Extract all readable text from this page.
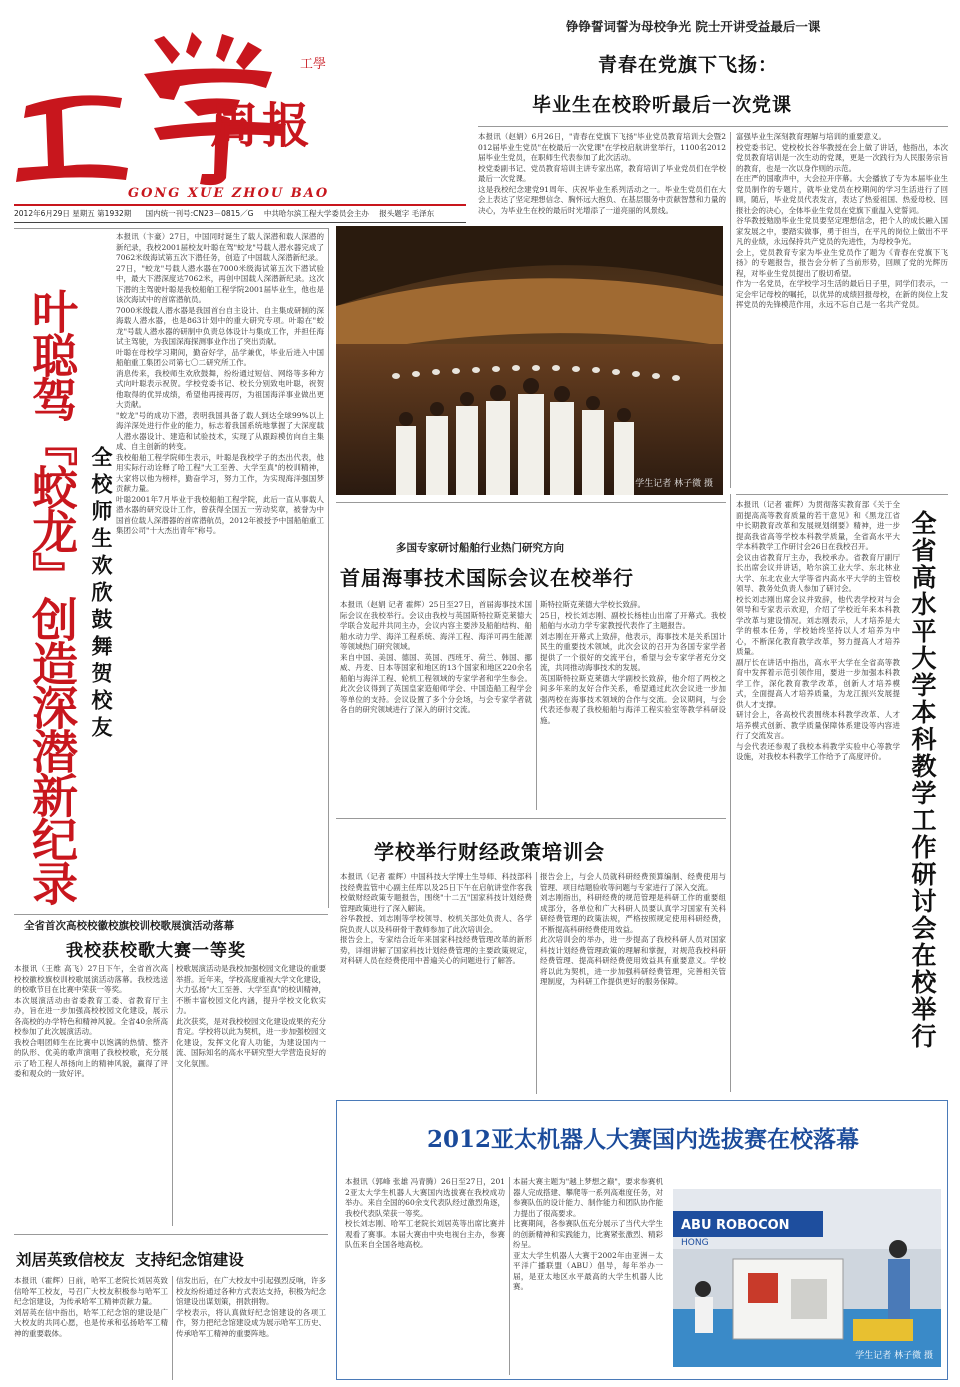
工學
周报
GONG XUE ZHOU BAO
2012年6月29日 星期五 第1932期 国内统一刊号:CN23－0815／G 中共哈尔滨工程大学委员会主办 报头题字 毛泽东
铮铮誓词誓为母校争光 院士开讲受益最后一课
青春在党旗下飞扬：
毕业生在校聆听最后一次党课
本报讯（赵娟）6月26日，"青春在党旗下飞扬"毕业党员教育培训大会暨2012届毕业生党员"在校最后一次党课"在学校启航讲堂举行，1100名2012届毕业生党员，在职师生代表参加了此次活动。
校党委副书记、党员教育培训主讲专家出席，教育培训了毕业党员们在学校最后一次党课。
这是我校纪念建党91周年、庆祝毕业生系列活动之一。毕业生党员们在大会上表达了坚定理想信念、胸怀远大抱负、在基层服务中贡献智慧和力量的决心，为毕业生在校的最后时光增添了一道亮丽的风景线。
富强毕业生深刻教育理解与培训的重要意义。
校党委书记、党校校长谷华教授在会上做了讲话，他指出，本次党员教育培训是一次生动的党课，更是一次践行为人民服务宗旨的教育，也是一次以身作则的示范。
在庄严的国歌声中，大会拉开序幕。大会播放了专为本届毕业生党员制作的专题片，就毕业党员在校期间的学习生活进行了回顾，随后，毕业党员代表发言，表达了热爱祖国、热爱母校、回报社会的决心，全体毕业生党员在党旗下重温入党誓词。
谷华教授勉励毕业生党员要坚定理想信念，把个人的成长融入国家发展之中，要踏实做事，勇于担当，在平凡的岗位上做出不平凡的业绩，永远保持共产党员的先进性，为母校争光。
会上，党员教育专家为毕业生党员作了题为《青春在党旗下飞扬》的专题报告，报告会分析了当前形势，回顾了党的光辉历程，对毕业生党员提出了殷切希望。
作为一名党员，在学校学习生活的最后日子里，同学们表示，一定会牢记母校的嘱托，以优异的成绩回报母校，在新的岗位上发挥党员的先锋模范作用，永远不忘自己是一名共产党员。
叶聪驾『蛟龙』创造深潜新纪录 全校师生欢欣鼓舞贺校友
本报讯（卞豪）27日，中国同时诞生了载人深潜和载人深潜的新纪录，我校2001届校友叶聪在驾"蛟龙"号载人潜水器完成了7062米级海试第五次下潜任务，创造了中国载人深潜新纪录。
27日，"蛟龙"号载人潜水器在7000米级海试第五次下潜试验中，最大下潜深度达7062米，再创中国载人深潜新纪录。这次下潜的主驾驶叶聪是我校船舶工程学院2001届毕业生，他也是该次海试中的首席潜航员。
7000米级载人潜水器是我国首台自主设计、自主集成研制的深海载人潜水器，也是863计划中的重大研究专项。叶聪在"蛟龙"号载人潜水器的研制中负责总体设计与集成工作，并担任海试主驾驶，为我国深海探测事业作出了突出贡献。
叶聪在母校学习期间，勤奋好学，品学兼优，毕业后进入中国船舶重工集团公司第七〇二研究所工作。
消息传来，我校师生欢欣鼓舞，纷纷通过短信、网络等多种方式向叶聪表示祝贺。学校党委书记、校长分别致电叶聪，祝贺他取得的优异成绩，希望他再接再厉，为祖国海洋事业做出更大贡献。
"蛟龙"号的成功下潜，表明我国具备了载人到达全球99%以上海洋深处进行作业的能力，标志着我国系统地掌握了大深度载人潜水器设计、建造和试验技术，实现了从跟踪模仿向自主集成、自主创新的转变。
我校船舶工程学院师生表示，叶聪是我校学子的杰出代表，他用实际行动诠释了哈工程"大工至善、大学至真"的校训精神，大家将以他为榜样，勤奋学习，努力工作，为实现海洋强国梦贡献力量。
叶聪2001年7月毕业于我校船舶工程学院，此后一直从事载人潜水器的研究设计工作，曾获得全国五一劳动奖章，被誉为中国首位载人深潜器的首席潜航员，2012年被授予中国船舶重工集团公司"十大杰出青年"称号。
学生记者 林子微 摄
多国专家研讨船舶行业热门研究方向
首届海事技术国际会议在校举行
本报讯（赵娟 记者 霍辉）25日至27日，首届海事技术国际会议在我校举行。会议由我校与英国斯特拉斯克莱德大学联合发起并共同主办，会议内容主要涉及船舶结构、船舶水动力学、海洋工程系统、海洋工程、海洋可再生能源等领域热门研究领域。
来自中国、美国、德国、英国、西班牙、荷兰、韩国、挪威、丹麦、日本等国家和地区的13个国家和地区220余名船舶与海洋工程、轮机工程领域的专家学者和学生参会。此次会议得到了英国皇家造船师学会、中国造船工程学会等单位的支持。会议设置了多个分会场，与会专家学者就各自的研究领域进行了深入的研讨交流。
斯特拉斯克莱德大学校长致辞。
25日，校长刘志刚、副校长杨桂山出席了开幕式。我校船舶与水动力学专家教授代表作了主题报告。
刘志刚在开幕式上致辞，他表示，海事技术是关系国计民生的重要技术领域，此次会议的召开为各国专家学者提供了一个很好的交流平台，希望与会专家学者充分交流，共同推动海事技术的发展。
英国斯特拉斯克莱德大学副校长致辞，他介绍了两校之间多年来的友好合作关系，希望通过此次会议进一步加强两校在海事技术领域的合作与交流。会议期间，与会代表还参观了我校船舶与海洋工程实验室等教学科研设施。
学校举行财经政策培训会
本报讯（记者 霍辉）中国科技大学博士生导师、科技部科技经费监管中心副主任库以及25日下午在启航讲堂作客我校做财经政策专题报告，围绕"十二五"国家科技计划经费管理政策进行了深入解读。
谷华教授、刘志刚等学校领导、校机关部处负责人、各学院负责人以及科研骨干教师参加了此次培训会。
报告会上，专家结合近年来国家科技经费管理改革的新形势，详细讲解了国家科技计划经费管理的主要政策规定，对科研人员在经费使用中普遍关心的问题进行了解答。
报告会上，与会人员就科研经费预算编制、经费使用与管理、项目结题验收等问题与专家进行了深入交流。
刘志刚指出，科研经费的规范管理是科研工作的重要组成部分，各单位和广大科研人员要认真学习国家有关科研经费管理的政策法规，严格按照规定使用科研经费，不断提高科研经费使用效益。
此次培训会的举办，进一步提高了我校科研人员对国家科技计划经费管理政策的理解和掌握，对规范我校科研经费管理、提高科研经费使用效益具有重要意义。学校将以此为契机，进一步加强科研经费管理，完善相关管理制度，为科研工作提供更好的服务保障。
本报讯（记者 霍辉）为贯彻落实教育部《关于全面提高高等教育质量的若干意见》和《黑龙江省中长期教育改革和发展规划纲要》精神，进一步提高我省高等学校本科教学质量，全省高水平大学本科教学工作研讨会26日在我校召开。
会议由省教育厅主办，我校承办。省教育厅副厅长出席会议并讲话，哈尔滨工业大学、东北林业大学、东北农业大学等省内高水平大学的主管校领导、教务处负责人参加了研讨会。
校长刘志刚出席会议并致辞，他代表学校对与会领导和专家表示欢迎，介绍了学校近年来本科教学改革与建设情况。刘志刚表示，人才培养是大学的根本任务，学校始终坚持以人才培养为中心，不断深化教育教学改革，努力提高人才培养质量。
副厅长在讲话中指出，高水平大学在全省高等教育中发挥着示范引领作用，要进一步加强本科教学工作，深化教育教学改革，创新人才培养模式，全面提高人才培养质量，为龙江振兴发展提供人才支撑。
研讨会上，各高校代表围绕本科教学改革、人才培养模式创新、教学质量保障体系建设等内容进行了交流发言。
与会代表还参观了我校本科教学实验中心等教学设施，对我校本科教学工作给予了高度评价。 全省高水平大学本科教学工作研讨会在校举行
全省首次高校校徽校旗校训校歌展演活动落幕
我校获校歌大赛一等奖
本报讯（王维 高飞）27日下午，全省首次高校校徽校旗校训校歌展演活动落幕。我校选送的校歌节目在比赛中荣获一等奖。
本次展演活动由省委教育工委、省教育厅主办，旨在进一步加强高校校园文化建设，展示各高校的办学特色和精神风貌。全省40余所高校参加了此次展演活动。
我校合唱团师生在比赛中以饱满的热情、整齐的队形、优美的歌声演唱了我校校歌，充分展示了哈工程人昂扬向上的精神风貌，赢得了评委和观众的一致好评。
校歌展演活动是我校加强校园文化建设的重要举措。近年来，学校高度重视大学文化建设，大力弘扬"大工至善、大学至真"的校训精神，不断丰富校园文化内涵，提升学校文化软实力。
此次获奖，是对我校校园文化建设成果的充分肯定。学校将以此为契机，进一步加强校园文化建设，发挥文化育人功能，为建设国内一流、国际知名的高水平研究型大学营造良好的文化氛围。
刘居英致信校友  支持纪念馆建设
本报讯（霍辉）日前，哈军工老院长刘居英致信哈军工校友，号召广大校友积极参与哈军工纪念馆建设，为传承哈军工精神贡献力量。
刘居英在信中指出，哈军工纪念馆的建设是广大校友的共同心愿，也是传承和弘扬哈军工精神的重要载体。
信发出后，在广大校友中引起强烈反响，许多校友纷纷通过各种方式表达支持，积极为纪念馆建设出谋划策，捐款捐物。
学校表示，将认真做好纪念馆建设的各项工作，努力把纪念馆建设成为展示哈军工历史、传承哈军工精神的重要阵地。
2012亚太机器人大赛国内选拔赛在校落幕
本报讯（郭峰 张雄 冯青腾）26日至27日，2012亚太大学生机器人大赛国内选拔赛在我校成功举办。来自全国的60余支代表队经过激烈角逐，我校代表队荣获一等奖。
校长刘志刚、哈军工老院长刘居英等出席比赛并观看了赛事。本届大赛由中央电视台主办，参赛队伍来自全国各地高校。
本届大赛主题为"越上梦想之巅"，要求参赛机器人完成搭建、攀爬等一系列高难度任务，对参赛队伍的设计能力、制作能力和团队协作能力提出了很高要求。
比赛期间，各参赛队伍充分展示了当代大学生的创新精神和实践能力，比赛紧张激烈、精彩纷呈。
亚太大学生机器人大赛于2002年由亚洲－太平洋广播联盟（ABU）倡导，每年举办一届，是亚太地区水平最高的大学生机器人比赛。
ABU ROBOCON
HONG
学生记者 林子微 摄
